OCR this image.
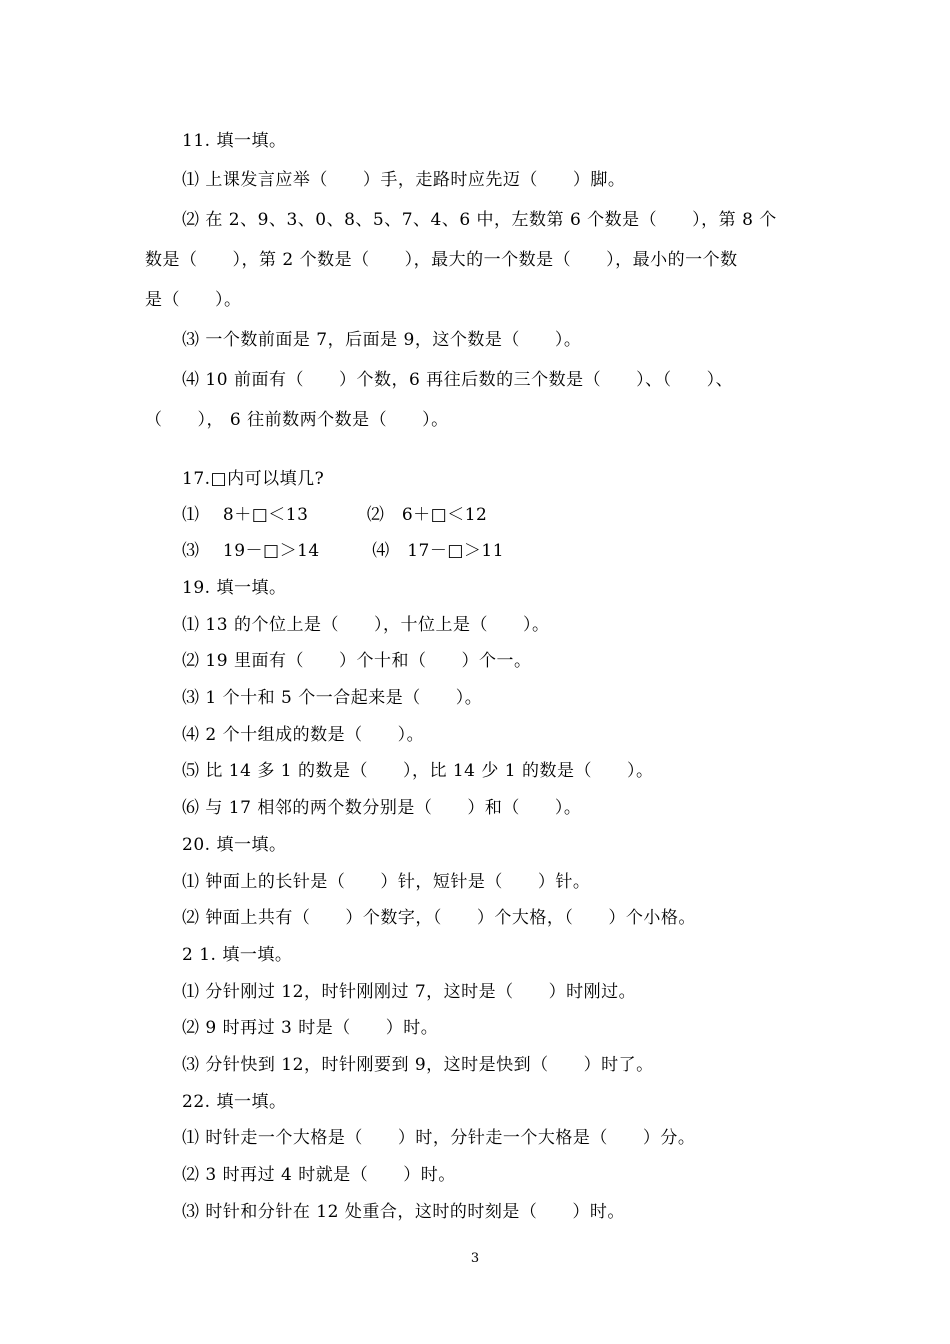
11. 填一填。
⑴ 上课发言应举（　　）手，走路时应先迈（　　）脚。
⑵ 在 2、9、3、0、8、5、7、4、6 中，左数第 6 个数是（　　），第 8 个
数是（　　），第 2 个数是（　　），最大的一个数是（　　），最小的一个数
是（　　）。
⑶ 一个数前面是 7，后面是 9，这个数是（　　）。
⑷ 10 前面有（　　）个数，6 再往后数的三个数是（　　）、（　　）、
（　　）， 6 往前数两个数是（　　）。
17.□内可以填几?
⑴　 8＋□＜13　　　 ⑵　6＋□＜12
⑶　 19－□＞14　　　⑷　17－□＞11
19. 填一填。
⑴ 13 的个位上是（　　），十位上是（　　）。
⑵ 19 里面有（　　）个十和（　　）个一。
⑶ 1 个十和 5 个一合起来是（　　）。
⑷ 2 个十组成的数是（　　）。
⑸ 比 14 多 1 的数是（　　），比 14 少 1 的数是（　　）。
⑹ 与 17 相邻的两个数分别是（　　）和（　　）。
20. 填一填。
⑴ 钟面上的长针是（　　）针，短针是（　　）针。
⑵ 钟面上共有（　　）个数字，（　　）个大格，（　　）个小格。
2 1. 填一填。
⑴ 分针刚过 12，时针刚刚过 7，这时是（　　）时刚过。
⑵ 9 时再过 3 时是（　　）时。
⑶ 分针快到 12，时针刚要到 9，这时是快到（　　）时了。
22. 填一填。
⑴ 时针走一个大格是（　　）时，分针走一个大格是（　　）分。
⑵ 3 时再过 4 时就是（　　）时。
⑶ 时针和分针在 12 处重合，这时的时刻是（　　）时。
3
